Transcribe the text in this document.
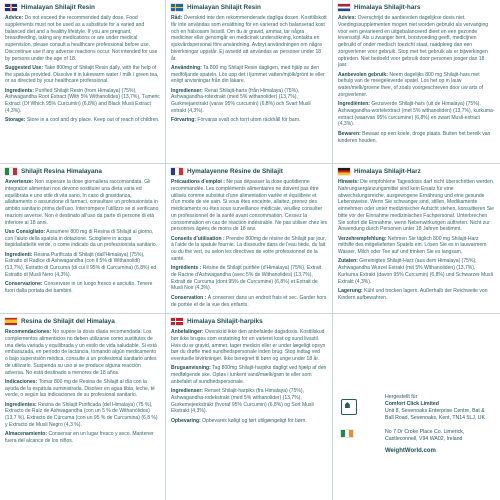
Himalayan Shilajit Resin

Advice: Do not exceed the recommended daily dose. Food supplements must not be used as a substitute for a varied and balanced diet and a healthy lifestyle. If you are pregnant, breastfeeding, taking any medications or are under medical supervision, please consult a healthcare professional before use. Discontinue use if any adverse reactions occur. Not intended for use by persons under the age of 18.

Suggested Use: Take 800mg of Shilajit Resin daily, with the help of the spatula provided. Dissolve it in lukewarm water / milk / green tea, or as directed by your healthcare professional.

Ingredients: Purified Shilajit Resin (from Himalaya) (75%), Ashwagandha Root Extract (With 5% Withanolides) (13,7%), Tumeric Extract (Of Which 95% Curcumin) (6,8%) and Black Musli Extract (4,3%).

Storage: Store in a cool and dry place. Keep out of reach of children.

Himalayan Shilajit Resin

Råd: Överskrid inte den rekommenderade dagliga dosen. Kosttillskott får inte användas som ersättning för en varierad och balanserad kost och en hälsosam livsstil. Om du är gravid, ammar, tar några mediciner eller genomgår en medicinsk undersökning, kontakta en sjukvårdspersonal före användning. Avbryt användningen om några biverkningar uppstår. Ej avsedd att användas av personer under 18 år.

Användning: Ta 800 mg Shilajit Resin dagligen, med hjälp av den medföljande spateln. Lös upp det i ljummet vatten/mjölk/grönt te eller enligt anvisningar från din läkare.

Ingredienser: Renat Shilajit-harts (från Himalaya) (75%), Ashwagandha-rotextrakt (med 5% withanolider) (13,7%), Gurkmejaextrakt (varav 95% curcumin) (6,8%) och Svart Musli extrakt (4,3%).

Förvaring: Förvaras svalt och torrt utom räckhåll för barn.

Himalaya Shilajit-hars

Advies: Overschrijd de aanbevolen dagelijkse dosis niet. Voedingssupplementen mogen niet worden gebruikt als vervanging voor een gevarieerd en uitgebalanceerd dieet en een gezonde levensstijl. Als u zwanger bent, borstvoeding geeft, medicijnen gebruikt of onder medisch toezicht staat, raadpleeg dan een zorgverlener voor gebruik. Stop met het gebruik als er bijwerkingen optreden. Niet bedoeld voor gebruik door personen jonger dan 18 jaar.

Aanbevolen gebruik: Neem dagelijks 800 mg Shilajit-hars met behulp van de meegeleverde spatel. Los het op in lauw water/melk/groene thee, of zoals voorgeschreven door uw arts of zorgverlener.

Ingrediënten: Gezuiverde Shilajit-hars (uit de Himalaya) (75%), Ashwagandha-wortelextract (met 5% withanoliden) (13,7%), kurkuma-extract (waarvan 95% curcumine) (6,8%) en zwart Musli-extract (4,3%).

Bewaren: Bewaar op een koele, droge plaats. Buiten het bereik van kinderen houden.

Shilajit Resina Himalayana

Avvertenze: Non superare la dose giornaliera raccomandata. Gli integratori alimentari non devono sostituire una dieta varia ed equilibrata e uno stile di vita sano. In caso di gravidanza, allattamento o assunzione di farmaci, consultare un professionista in ambito sanitario prima dell'uso. Interrompere l'utilizzo se si verificano reazioni avverse. Non è destinato all'uso da parte di persone di età inferiore ai 18 anni.

Uso Consigliato: Assumere 800 mg di Resina di Shilajit al giorno, con l'aiuto della spatola in dotazione. Sciogliere in acqua tiepida/latte/tè verde, o come indicato da un professionista sanitario.

Ingredienti: Resina Purificata di Shilajit (dall'Himalaya) (75%), Estratto di Radice di Ashwagandha (con il 5% di Withanolidi) (13,7%), Estratto di Curcuma (di cui il 95% di Curcumina) (6,8%) ed Estratto di Musli Nero (4,3%).

Conservazione: Conservare in un luogo fresco e asciutto. Tenere fuori dalla portata dei bambini.

Hymalayenne Résine de Shilajit

Précautions d'emploi : Ne pas dépasser la dose quotidienne recommandée. Les compléments alimentaires ne doivent pas être utilisés comme substitut d'une alimentation variée et équilibrée et d'un mode de vie sain. Si vous êtes enceinte, allaitez, prenez des médicaments ou êtes sous surveillance médicale, veuillez consulter un professionnel de la santé avant consommation. Cessez la consommation en cas de réaction indésirable. Ne pas utiliser chez les personnes âgées de moins de 18 ans.

Conseils d'utilisation : Prendre 800mg de résine de Shilajit par jour, à l'aide de la spatule fournie. La dissoudre dans de l'eau tiède, du lait ou du thé vert, ou selon les directives de votre professionnel de la santé.

Ingrédients : Résine de Shilajit purifiée (d'Himalaya) (75%), Extrait de Racine d'Ashwagandha (avec 5% de Withanolides) (13,7%), Extrait de Curcuma (dont 95% de Curcumine) (6,8%) et Extrait de Musli Noir (4,3%).

Conservation : À conserver dans un endroit frais et sec. Garder hors de portée et de la vue des enfants.

Himalaya Shilajit-Harz

Hinweis: Die empfohlene Tagesdosis darf nicht überschritten werden. Nahrungsergänzungsmittel sind kein Ersatz für eine abwechslungsreiche, ausgewogene Ernährung und eine gesunde Lebensweise. Wenn Sie schwanger sind, stillen, Medikamente einnehmen oder unter medizinischer Aufsicht stehen, konsultieren Sie bitte vor der Einnahme medizinisches Fachpersonal. Unterbrechen Sie sofort die Einnahme, wenn Nebenwirkungen auftreten. Nicht zur Anwendung durch Personen unter 18 Jahren bestimmt.

Verzehrempfehlung: Nehmen Sie täglich 800 mg Shilajit-Harz mithilfe des mitgelieferten Spatels ein. Lösen Sie es in lauwarmem Wasser, Milch oder Tee auf und trinken Sie es langsam.

Zutaten: Gereinigtes Shilajit-Harz (aus dem Himalaya) (75%), Ashwagandha Wurzel Extrakt (mit 5% Withanoliden) (13,7%), Kurkuma Extrakt (davon 95% Curcumin) (6,8%) und Schwarzer Musli Extrakt (4,3%).

Lagerung: Kühl und trocken lagern. Außerhalb der Reichweite von Kindern aufbewahren.

Resina de Shilajit del Himalaya

Recomendaciones: No supere la dosis diaria recomendada. Los complementos alimenticios no deben utilizarse como sustitutos de una dieta variada y equilibrada y un estilo de vida saludable. Si está embarazada, en período de lactancia, tomando algún medicamento o bajo supervisión médica, consulte a un profesional sanitario antes de utilizarlo. Suspenda su uso si se produce alguna reacción adversa. No está destinado a menores de 18 años.

Indicaciones: Tomar 800 mg de Resina de Shilajit al día con la ayuda de la espátula suministrada. Disolver en agua tibia, leche, té verde, o según las indicaciones de su profesional sanitario.

Ingredientes: Resina de Shilajit Purificada (del Himalaya) (75 %), Extracto de Raíz de Ashwagandha (con un 5 % de Withanólidos) (13,7 %), Extracto de Cúrcuma (con un 95 % de Curcumina) (6,8 %) y Extracto de Musli Negro (4,3 %).

Almacenamiento: Conservar en un lugar fresco y seco. Mantener fuera del alcance de los niños.

Himalaya Shilajit-harpiks

Anbefalinger: Overskrid ikke den anbefalede dagsdosis. Kosttilskud bør ikke bruges som erstatning for en varieret kost og sund livsstil. Hvis du er gravid, ammer, tager medicin eller er under lægeligt opsyn bør du drøfte med sundhedspersonale inden brug. Stop indtag ved eventuelle bivirkninger. Ikke beregnet til børn og unge under 18 år.

Brugsanvisning: Tag 800mg Shilajit-harpiks dagligt ved hjælp af den medfølgende ske. Opløs i lunkent vand/mælk/grøn te eller som anbefalet af sundhedspersonale.

Ingredienser: Renset Shilajit-harpiks (fra Himalaya) (75%), Ashwagandha-rodekstrakt (med 5% withanolider) (13,7%), Gurkemejeekstrakt (hvoraf 95% Curcumin) (6,8%) og Sort Musli Ekstrakt (4,3%).

Opbevaring: Opbevares køligt og tørt utilgængeligt for børn.

Hergestellt für
Comfort Click Limited
Unit 8, Sevenoaks Enterprise Centre, Bat & Ball Road, Sevenoaks, Kent, TN14 5LJ, UK
No 7 Dr Croke Place Co. Limerick, Castleconnell, V94 WA02, Ireland
WeightWorld.com
